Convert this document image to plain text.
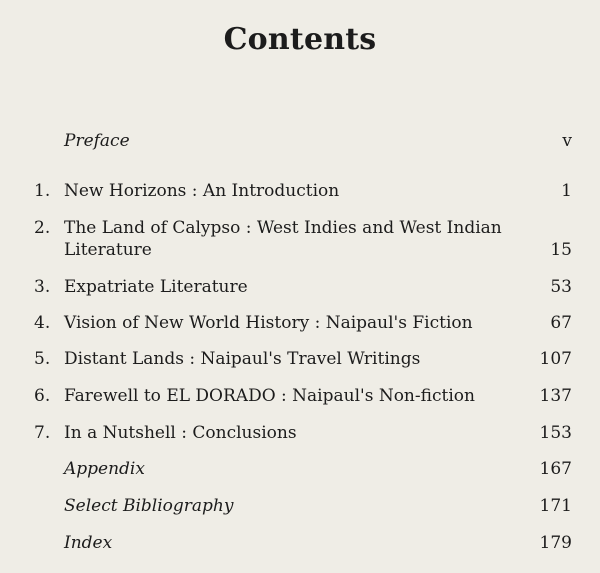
Contents
Preface	v
1. New Horizons : An Introduction	1
2. The Land of Calypso : West Indies and West Indian Literature	15
3. Expatriate Literature	53
4. Vision of New World History : Naipaul's Fiction	67
5. Distant Lands : Naipaul's Travel Writings	107
6. Farewell to EL DORADO : Naipaul's Non-fiction	137
7. In a Nutshell : Conclusions	153
Appendix	167
Select Bibliography	171
Index	179
